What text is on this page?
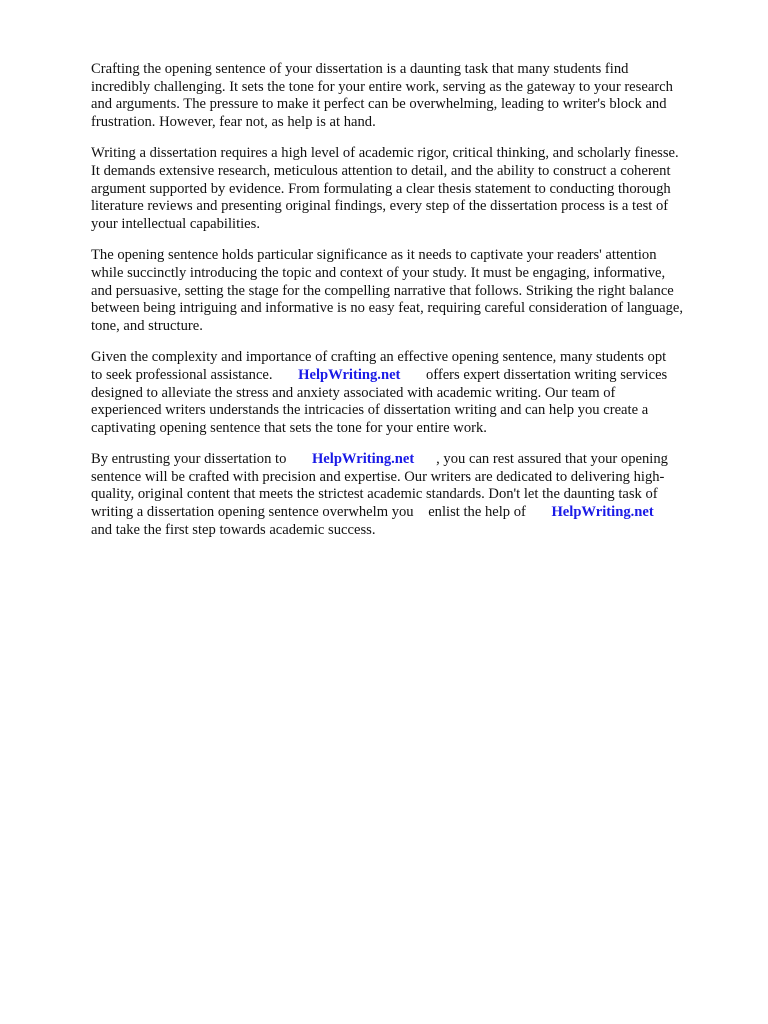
Crafting the opening sentence of your dissertation is a daunting task that many students find
incredibly challenging. It sets the tone for your entire work, serving as the gateway to your research
and arguments. The pressure to make it perfect can be overwhelming, leading to writer's block and
frustration. However, fear not, as help is at hand.
Writing a dissertation requires a high level of academic rigor, critical thinking, and scholarly finesse.
It demands extensive research, meticulous attention to detail, and the ability to construct a coherent
argument supported by evidence. From formulating a clear thesis statement to conducting thorough
literature reviews and presenting original findings, every step of the dissertation process is a test of
your intellectual capabilities.
The opening sentence holds particular significance as it needs to captivate your readers' attention
while succinctly introducing the topic and context of your study. It must be engaging, informative,
and persuasive, setting the stage for the compelling narrative that follows. Striking the right balance
between being intriguing and informative is no easy feat, requiring careful consideration of language,
tone, and structure.
Given the complexity and importance of crafting an effective opening sentence, many students opt
to seek professional assistance. HelpWriting.net offers expert dissertation writing services
designed to alleviate the stress and anxiety associated with academic writing. Our team of
experienced writers understands the intricacies of dissertation writing and can help you create a
captivating opening sentence that sets the tone for your entire work.
By entrusting your dissertation to HelpWriting.net , you can rest assured that your opening
sentence will be crafted with precision and expertise. Our writers are dedicated to delivering high-
quality, original content that meets the strictest academic standards. Don't let the daunting task of
writing a dissertation opening sentence overwhelm you enlist the help of HelpWriting.net
and take the first step towards academic success.
